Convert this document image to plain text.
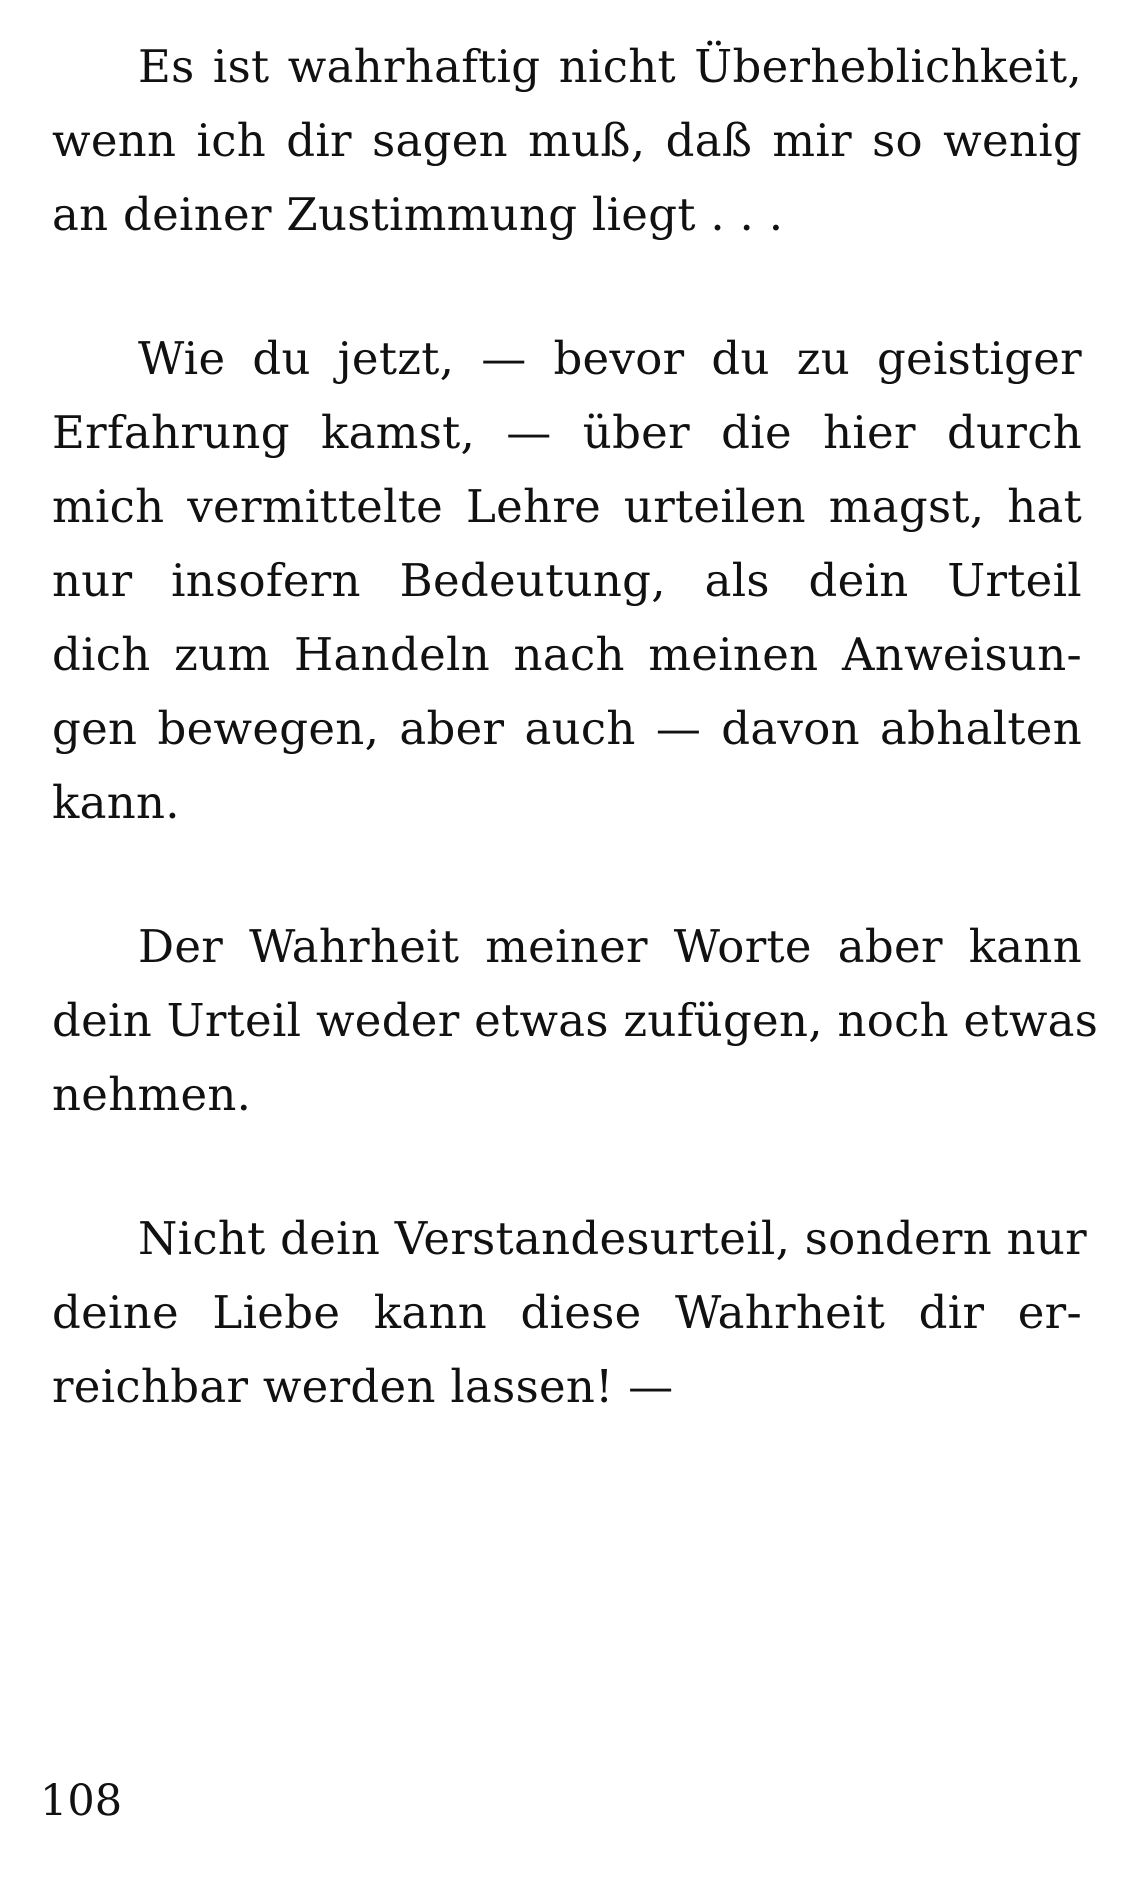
Es ist wahrhaftig nicht Überheblichkeit,
wenn ich dir sagen muß, daß mir so wenig
an deiner Zustimmung liegt . . .
Wie du jetzt, — bevor du zu geistiger
Erfahrung kamst, — über die hier durch
mich vermittelte Lehre urteilen magst, hat
nur insofern Bedeutung, als dein Urteil
dich zum Handeln nach meinen Anweisun-
gen bewegen, aber auch — davon abhalten
kann.
Der Wahrheit meiner Worte aber kann
dein Urteil weder etwas zufügen, noch etwas
nehmen.
Nicht dein Verstandesurteil, sondern nur
deine Liebe kann diese Wahrheit dir er-
reichbar werden lassen! —
108
